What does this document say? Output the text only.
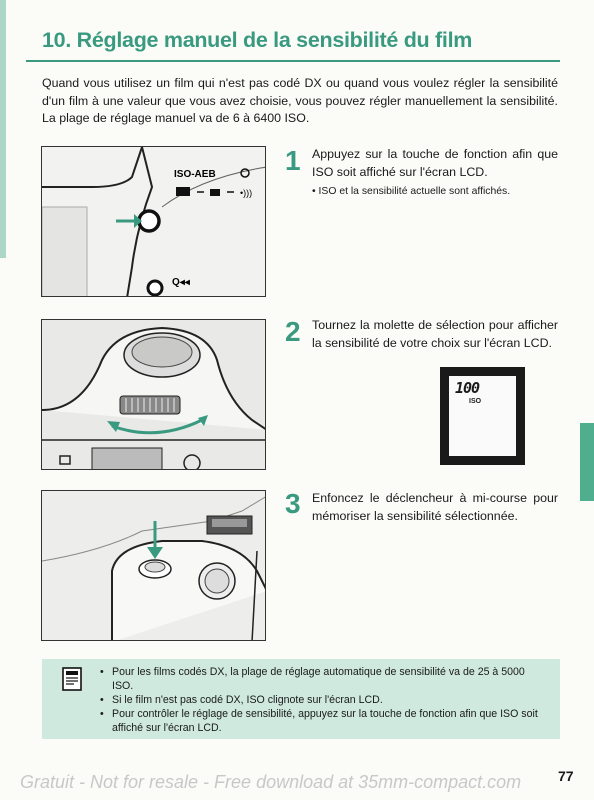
10. Réglage manuel de la sensibilité du film
Quand vous utilisez un film qui n'est pas codé DX ou quand vous voulez régler la sensibilité d'un film à une valeur que vous avez choisie, vous pouvez régler manuellement la sensibilité. La plage de réglage manuel va de 6 à 6400 ISO.
ISO-AEB
•)))
Q◂◂
1 Appuyez sur la touche de fonction afin que ISO soit affiché sur l'écran LCD.
• ISO et la sensibilité actuelle sont affichés.
2 Tournez la molette de sélection pour afficher la sensibilité de votre choix sur l'écran LCD.
100
ISO
3 Enfoncez le déclencheur à mi-course pour mémoriser la sensibilité sélectionnée.
• Pour les films codés DX, la plage de réglage automatique de sensibilité va de 25 à 5000 ISO.
• Si le film n'est pas codé DX, ISO clignote sur l'écran LCD.
• Pour contrôler le réglage de sensibilité, appuyez sur la touche de fonction afin que ISO soit affiché sur l'écran LCD.
Gratuit - Not for resale - Free download at 35mm-compact.com	77
